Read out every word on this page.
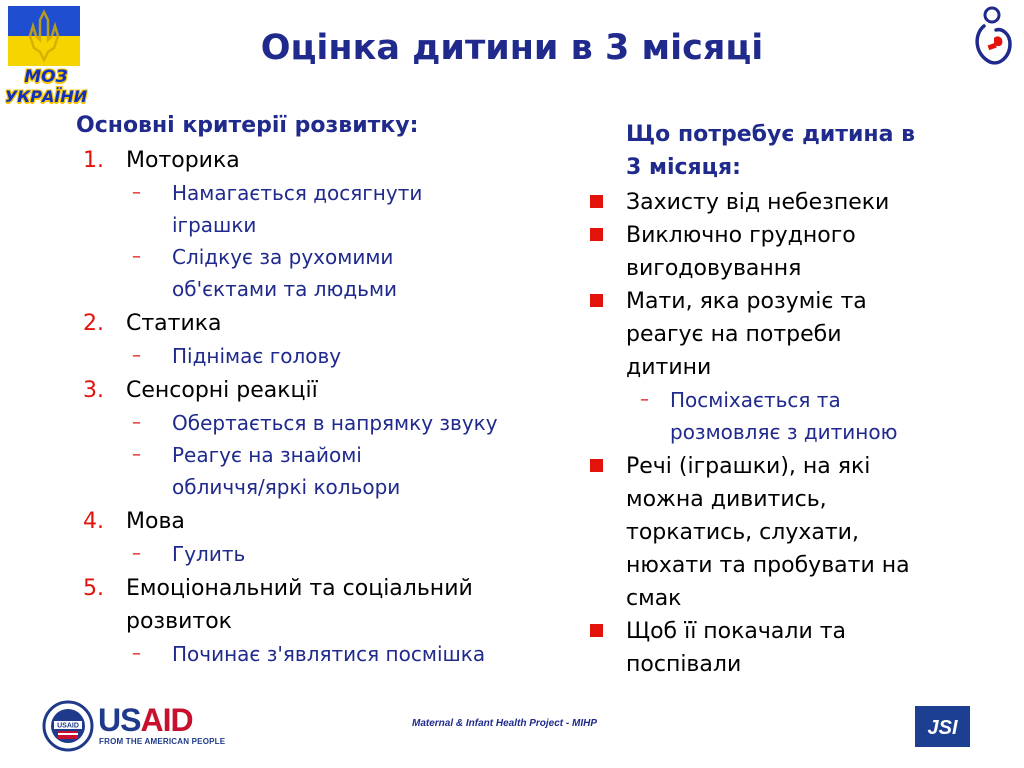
МОЗ
УКРАЇНИ
Оцінка дитини в 3 місяці
Основні критерії розвитку:
1. Моторика
– Намагається досягнути
іграшки
– Слідкує за рухомими
об'єктами та людьми
2. Статика
– Піднімає голову
3. Сенсорні реакції
– Обертається в напрямку звуку
– Реагує на знайомі
обличчя/яркі кольори
4. Мова
– Гулить
5. Емоціональний та соціальний
розвиток
– Починає з'являтися посмішка
Що потребує дитина в
3 місяця:
Захисту від небезпеки
Виключно грудного
вигодовування
Мати, яка розуміє та
реагує на потреби
дитини
– Посміхається та
розмовляє з дитиною
Речі (іграшки), на які
можна дивитись,
торкатись, слухати,
нюхати та пробувати на
смак
Щоб її покачали та
поспівали
USAID USAID
FROM THE AMERICAN PEOPLE
Maternal & Infant Health Project - MIHP	JSI
